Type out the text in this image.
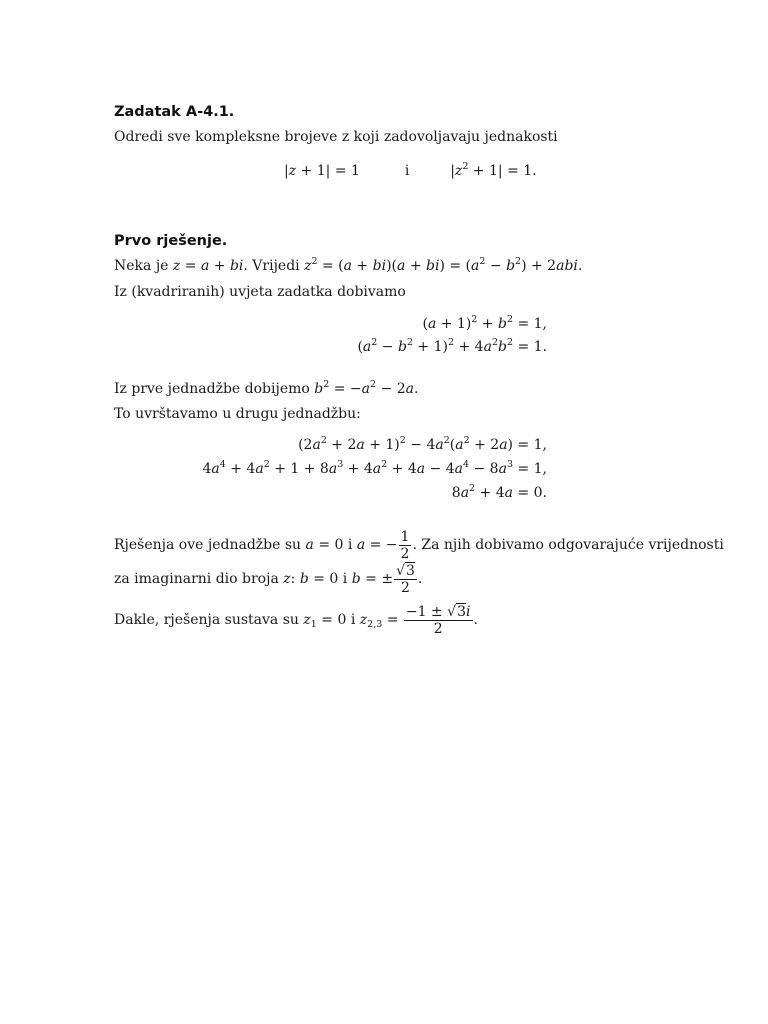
Zadatak A-4.1.
Odredi sve kompleksne brojeve z koji zadovoljavaju jednakosti
|z + 1| = 1	i	$|z^2 + 1| = 1$.
Prvo rješenje.
Neka je z = a + bi. Vrijedi $z^2 = (a + bi)(a + bi) = (a^2 - b^2) + 2abi$.
Iz (kvadriranih) uvjeta zadatka dobivamo
$(a + 1)^2 + b^2 = 1$,
$(a^2 - b^2 + 1)^2 + 4a^2b^2 = 1$.
Iz prve jednadžbe dobijemo $b^2 = -a^2 - 2a$.
To uvrštavamo u drugu jednadžbu:
$(2a^2 + 2a + 1)^2 - 4a^2(a^2 + 2a) = 1$,
$4a^4 + 4a^2 + 1 + 8a^3 + 4a^2 + 4a - 4a^4 - 8a^3 = 1$,
$8a^2 + 4a = 0$.
Rješenja ove jednadžbe su a = 0 i a = − $\frac{1}{2}$ . Za njih dobivamo odgovarajuće vrijednosti
za imaginarni dio broja z: b = 0 i b = ± $\frac{√3}{2}$ .
Dakle, rješenja sustava su $z_1 = 0$ i $z_{2,3} = \frac{-1 \pm √3i}{2}$ .
